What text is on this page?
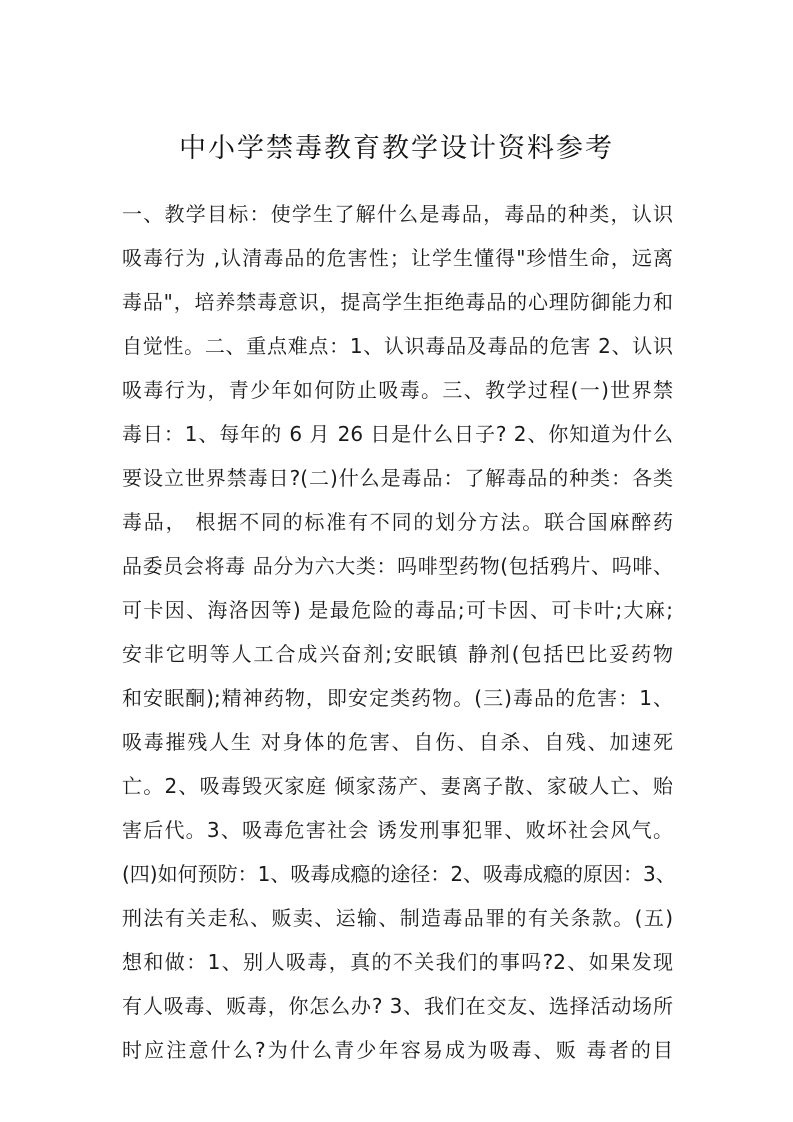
中小学禁毒教育教学设计资料参考
一、教学目标：使学生了解什么是毒品，毒品的种类，认识
吸毒行为 ,认清毒品的危害性；让学生懂得"珍惜生命，远离
毒品"，培养禁毒意识，提高学生拒绝毒品的心理防御能力和
自觉性。二、重点难点：1、认识毒品及毒品的危害 2、认识
吸毒行为，青少年如何防止吸毒。三、教学过程(一)世界禁
毒日：1、每年的 6 月 26 日是什么日子? 2、你知道为什么
要设立世界禁毒日?(二)什么是毒品：了解毒品的种类：各类
毒品， 根据不同的标准有不同的划分方法。联合国麻醉药
品委员会将毒 品分为六大类：吗啡型药物(包括鸦片、吗啡、
可卡因、海洛因等) 是最危险的毒品;可卡因、可卡叶;大麻;
安非它明等人工合成兴奋剂;安眠镇 静剂(包括巴比妥药物
和安眠酮);精神药物，即安定类药物。(三)毒品的危害：1、
吸毒摧残人生 对身体的危害、自伤、自杀、自残、加速死
亡。2、吸毒毁灭家庭 倾家荡产、妻离子散、家破人亡、贻
害后代。3、吸毒危害社会 诱发刑事犯罪、败坏社会风气。
(四)如何预防：1、吸毒成瘾的途径：2、吸毒成瘾的原因：3、
刑法有关走私、贩卖、运输、制造毒品罪的有关条款。(五)
想和做：1、别人吸毒，真的不关我们的事吗?2、如果发现
有人吸毒、贩毒，你怎么办? 3、我们在交友、选择活动场所
时应注意什么?为什么青少年容易成为吸毒、贩 毒者的目
